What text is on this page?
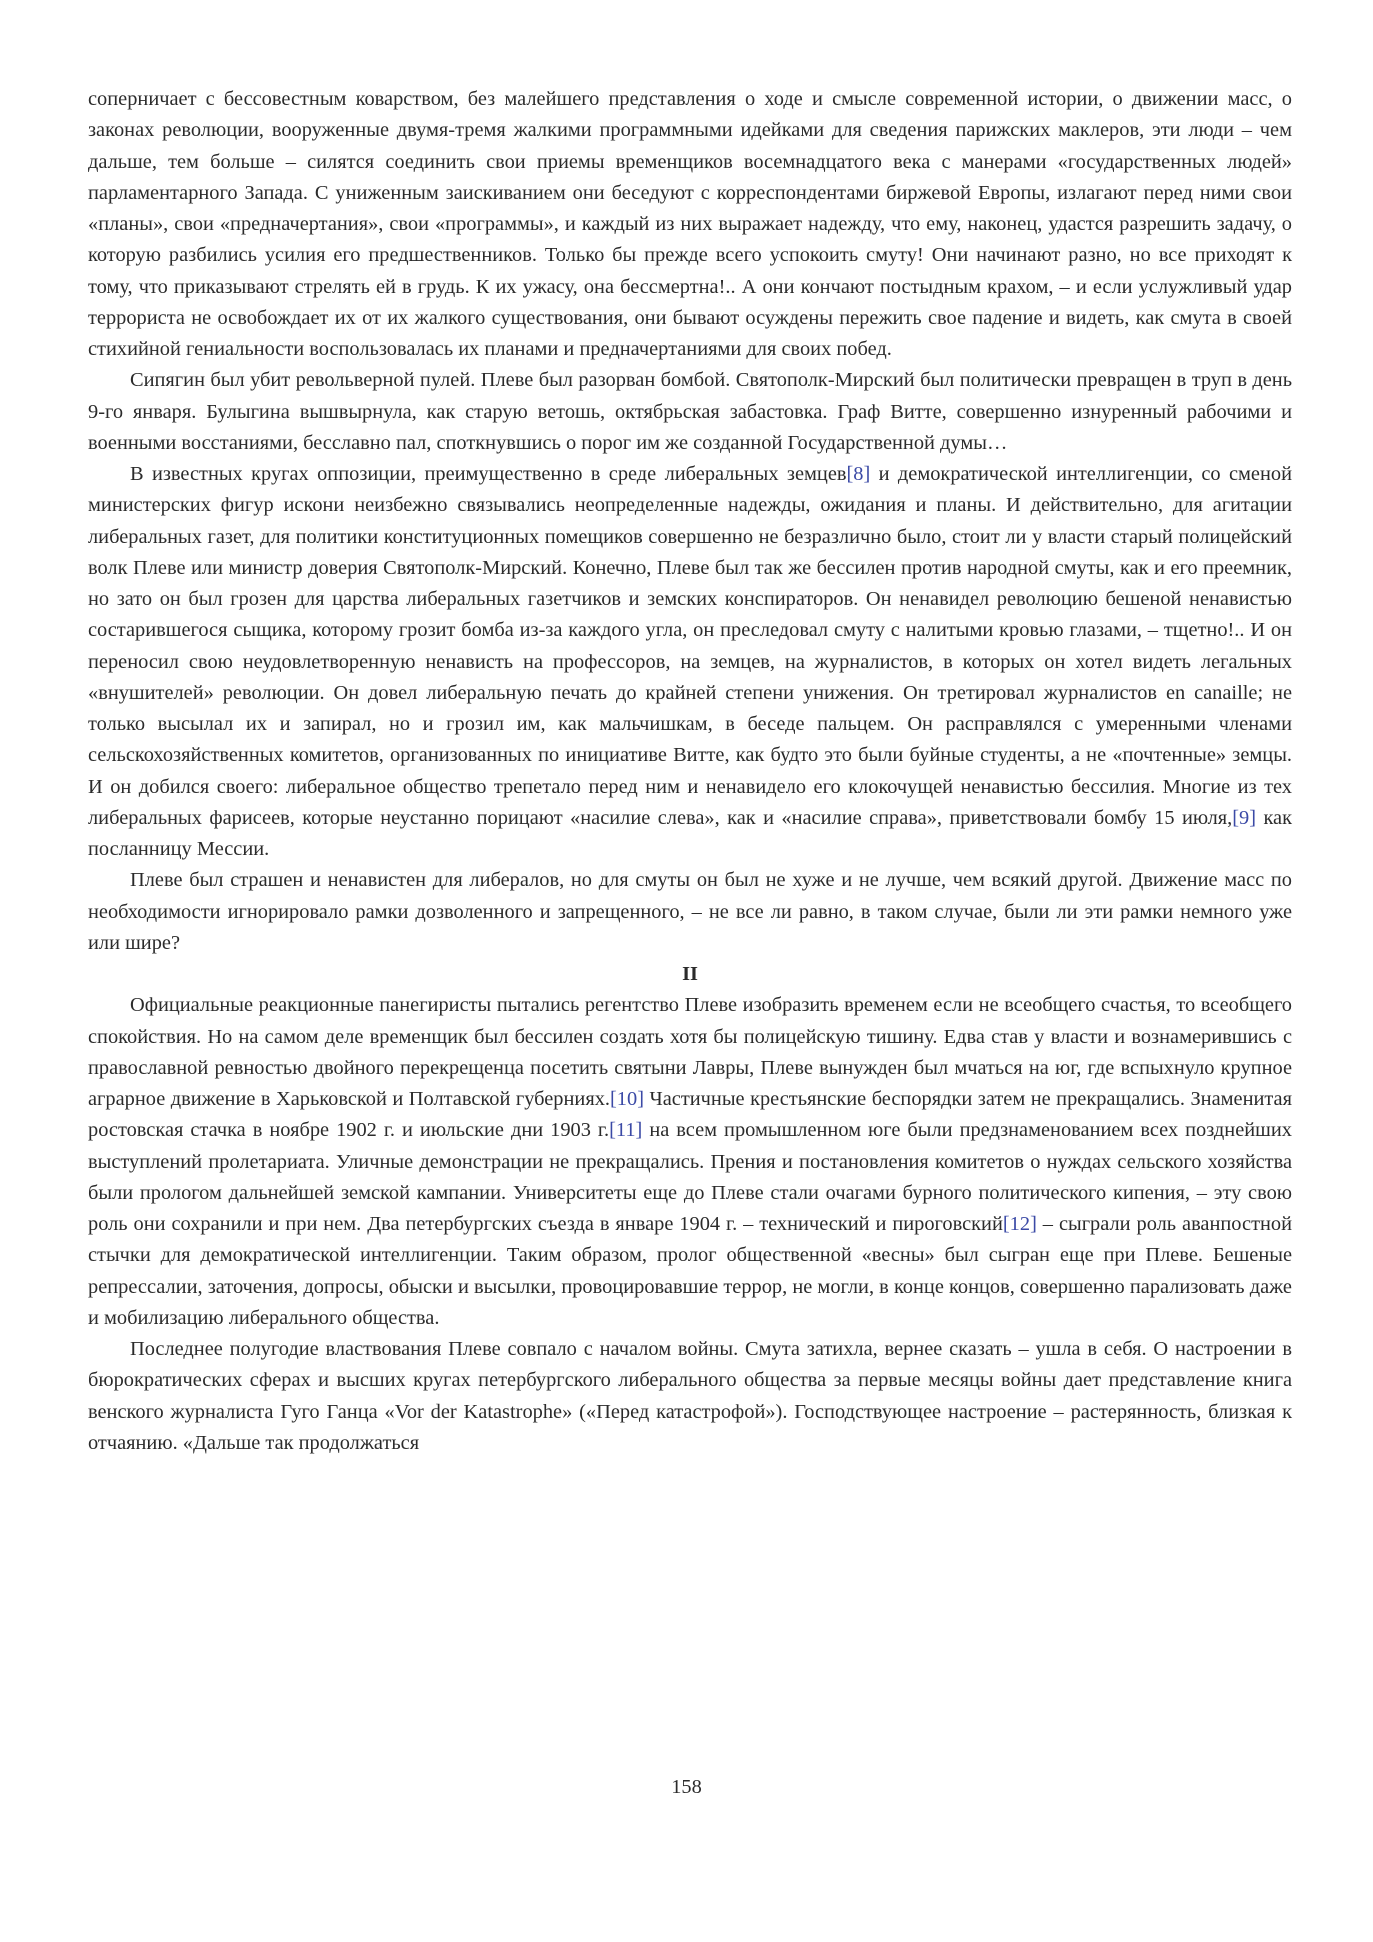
соперничает с бессовестным коварством, без малейшего представления о ходе и смысле современной истории, о движении масс, о законах революции, вооруженные двумя-тремя жалкими программными идейками для сведения парижских маклеров, эти люди – чем дальше, тем больше – силятся соединить свои приемы временщиков восемнадцатого века с манерами «государственных людей» парламентарного Запада. С униженным заискиванием они беседуют с корреспондентами биржевой Европы, излагают перед ними свои «планы», свои «предначертания», свои «программы», и каждый из них выражает надежду, что ему, наконец, удастся разрешить задачу, о которую разбились усилия его предшественников. Только бы прежде всего успокоить смуту! Они начинают разно, но все приходят к тому, что приказывают стрелять ей в грудь. К их ужасу, она бессмертна!.. А они кончают постыдным крахом, – и если услужливый удар террориста не освобождает их от их жалкого существования, они бывают осуждены пережить свое падение и видеть, как смута в своей стихийной гениальности воспользовалась их планами и предначертаниями для своих побед.

Сипягин был убит револьверной пулей. Плеве был разорван бомбой. Святополк-Мирский был политически превращен в труп в день 9-го января. Булыгина вышвырнула, как старую ветошь, октябрьская забастовка. Граф Витте, совершенно изнуренный рабочими и военными восстаниями, бесславно пал, споткнувшись о порог им же созданной Государственной думы…

В известных кругах оппозиции, преимущественно в среде либеральных земцев[8] и демократической интеллигенции, со сменой министерских фигур искони неизбежно связывались неопределенные надежды, ожидания и планы. И действительно, для агитации либеральных газет, для политики конституционных помещиков совершенно не безразлично было, стоит ли у власти старый полицейский волк Плеве или министр доверия Святополк-Мирский. Конечно, Плеве был так же бессилен против народной смуты, как и его преемник, но зато он был грозен для царства либеральных газетчиков и земских конспираторов. Он ненавидел революцию бешеной ненавистью состарившегося сыщика, которому грозит бомба из-за каждого угла, он преследовал смуту с налитыми кровью глазами, – тщетно!.. И он переносил свою неудовлетворенную ненависть на профессоров, на земцев, на журналистов, в которых он хотел видеть легальных «внушителей» революции. Он довел либеральную печать до крайней степени унижения. Он третировал журналистов en canaille; не только высылал их и запирал, но и грозил им, как мальчишкам, в беседе пальцем. Он расправлялся с умеренными членами сельскохозяйственных комитетов, организованных по инициативе Витте, как будто это были буйные студенты, а не «почтенные» земцы. И он добился своего: либеральное общество трепетало перед ним и ненавидело его клокочущей ненавистью бессилия. Многие из тех либеральных фарисеев, которые неустанно порицают «насилие слева», как и «насилие справа», приветствовали бомбу 15 июля,[9] как посланницу Мессии.

Плеве был страшен и ненавистен для либералов, но для смуты он был не хуже и не лучше, чем всякий другой. Движение масс по необходимости игнорировало рамки дозволенного и запрещенного, – не все ли равно, в таком случае, были ли эти рамки немного уже или шире?

II

Официальные реакционные панегиристы пытались регентство Плеве изобразить временем если не всеобщего счастья, то всеобщего спокойствия. Но на самом деле временщик был бессилен создать хотя бы полицейскую тишину. Едва став у власти и вознамерившись с православной ревностью двойного перекрещенца посетить святыни Лавры, Плеве вынужден был мчаться на юг, где вспыхнуло крупное аграрное движение в Харьковской и Полтавской губерниях.[10] Частичные крестьянские беспорядки затем не прекращались. Знаменитая ростовская стачка в ноябре 1902 г. и июльские дни 1903 г.[11] на всем промышленном юге были предзнаменованием всех позднейших выступлений пролетариата. Уличные демонстрации не прекращались. Прения и постановления комитетов о нуждах сельского хозяйства были прологом дальнейшей земской кампании. Университеты еще до Плеве стали очагами бурного политического кипения, – эту свою роль они сохранили и при нем. Два петербургских съезда в январе 1904 г. – технический и пироговский[12] – сыграли роль аванпостной стычки для демократической интеллигенции. Таким образом, пролог общественной «весны» был сыгран еще при Плеве. Бешеные репрессалии, заточения, допросы, обыски и высылки, провоцировавшие террор, не могли, в конце концов, совершенно парализовать даже и мобилизацию либерального общества.

Последнее полугодие властвования Плеве совпало с началом войны. Смута затихла, вернее сказать – ушла в себя. О настроении в бюрократических сферах и высших кругах петербургского либерального общества за первые месяцы войны дает представление книга венского журналиста Гуго Ганца «Vor der Katastrophe» («Перед катастрофой»). Господствующее настроение – растерянность, близкая к отчаянию. «Дальше так продолжаться

158
